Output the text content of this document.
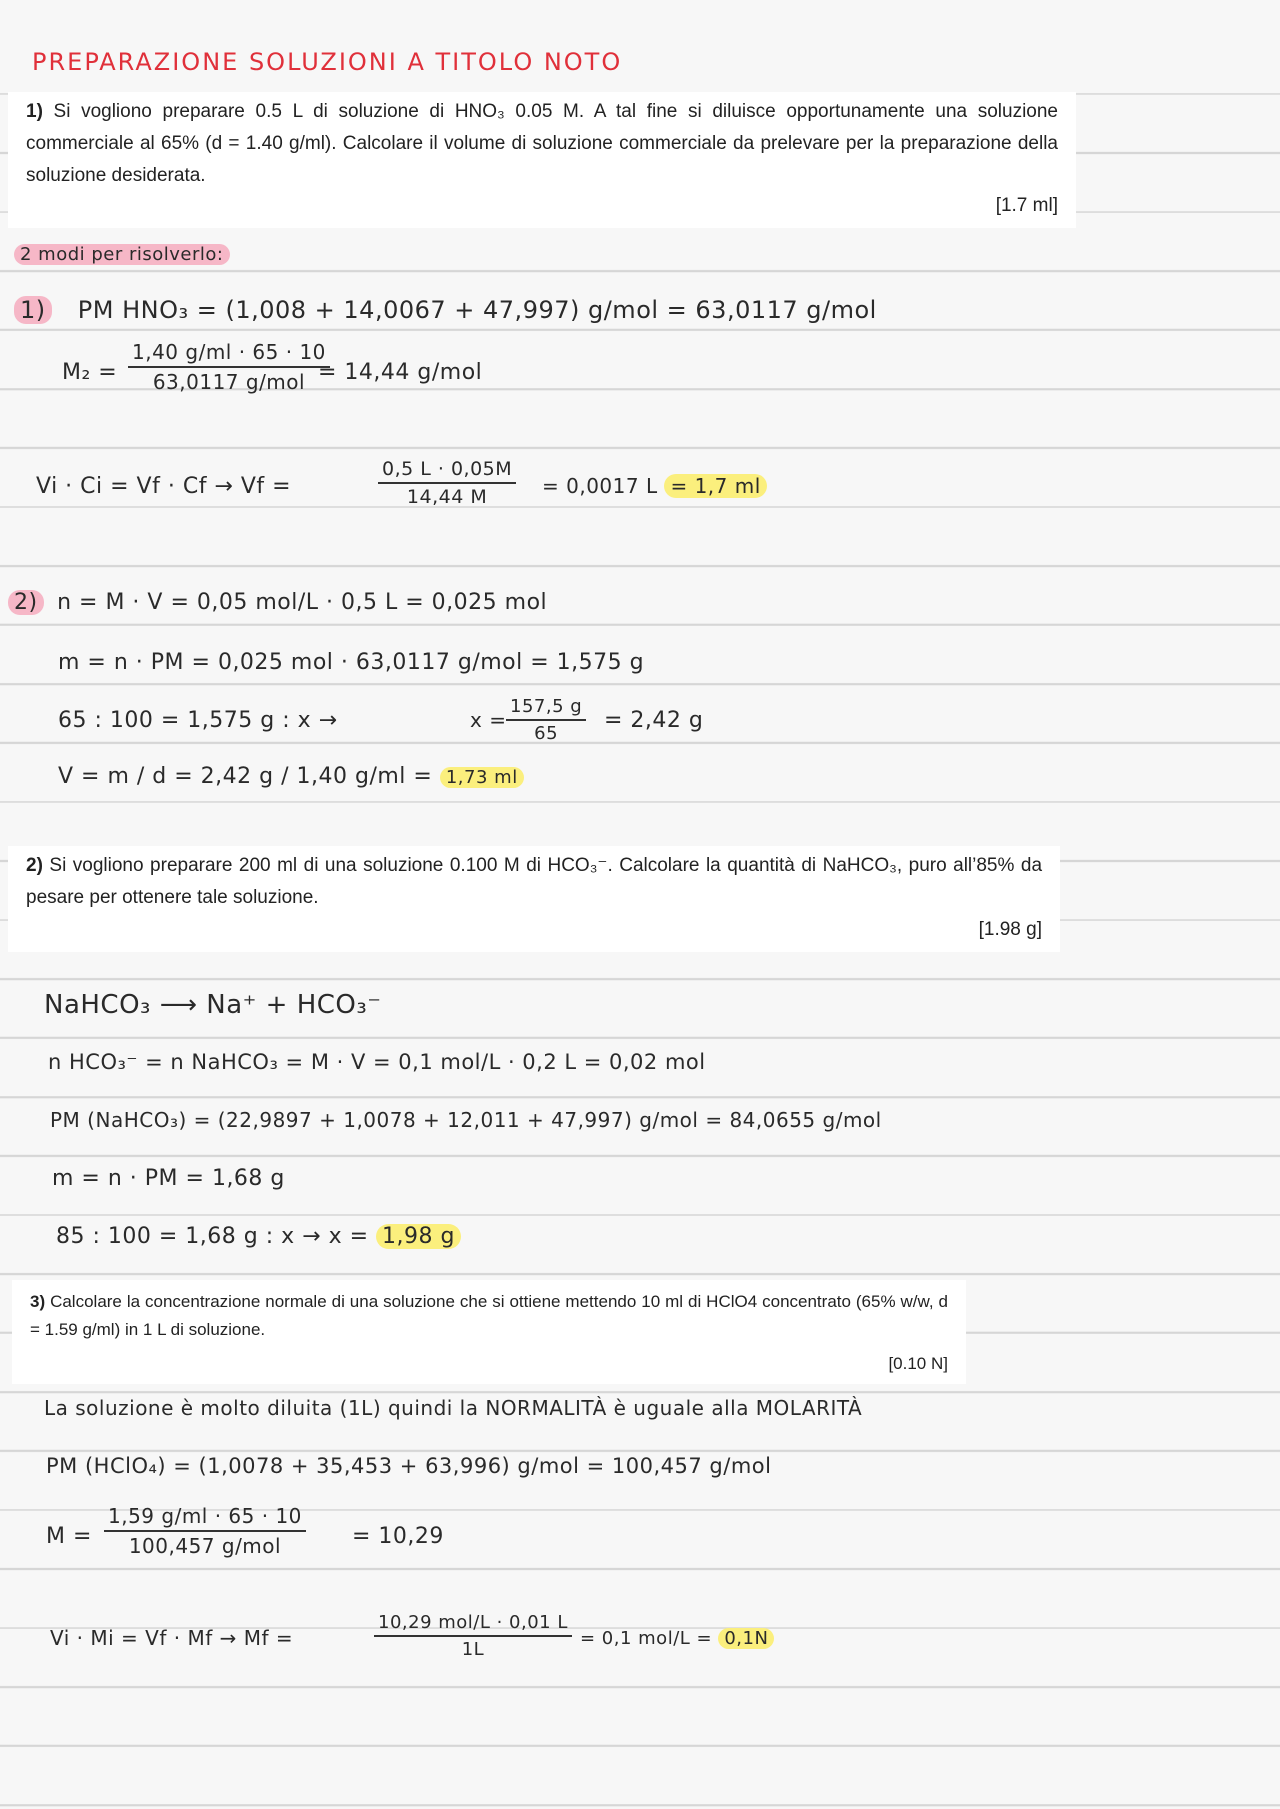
PREPARAZIONE SOLUZIONI A TITOLO NOTO
1) Si vogliono preparare 0.5 L di soluzione di HNO₃ 0.05 M. A tal fine si diluisce opportunamente una soluzione commerciale al 65% (d = 1.40 g/ml). Calcolare il volume di soluzione commerciale da prelevare per la preparazione della soluzione desiderata.
[1.7 ml]
2 modi per risolverlo:
1) PM HNO₃ = (1,008 + 14,0067 + 47,997) g/mol = 63,0117 g/mol
M₂ =
1,40 g/ml · 65 · 10
63,0117 g/mol = 14,44 g/mol
Vi · Ci = Vf · Cf → Vf =	$\frac{0,5 L \cdot 0,05M}{14,44 M} = 0,0017$ L = 1,7 ml
2) n = M · V = 0,05 mol/L · 0,5 L = 0,025 mol
m = n · PM = 0,025 mol · 63,0117 g/mol = 1,575 g
65 : 100 = 1,575 g : x →	$x = \frac{157,5 g}{65} = 2,42$ g
V = m / d = 2,42 g / 1,40 g/ml = 1,73 ml
2) Si vogliono preparare 200 ml di una soluzione 0.100 M di HCO₃⁻. Calcolare la quantità di NaHCO₃, puro all’85% da pesare per ottenere tale soluzione.
[1.98 g]
NaHCO₃ ⟶ Na⁺ + HCO₃⁻
n HCO₃⁻ = n NaHCO₃ = M · V = 0,1 mol/L · 0,2 L = 0,02 mol
PM (NaHCO₃) = (22,9897 + 1,0078 + 12,011 + 47,997) g/mol = 84,0655 g/mol
m = n · PM = 1,68 g
85 : 100 = 1,68 g : x → x = 1,98 g
3) Calcolare la concentrazione normale di una soluzione che si ottiene mettendo 10 ml di HClO4 concentrato (65% w/w, d = 1.59 g/ml) in 1 L di soluzione.
[0.10 N]
La soluzione è molto diluita (1L) quindi la NORMALITÀ è uguale alla MOLARITÀ
PM (HClO₄) = (1,0078 + 35,453 + 63,996) g/mol = 100,457 g/mol
M =
1,59 g/ml · 65 · 10
100,457 g/mol	= 10,29
Vi · Mi = Vf · Mf → Mf =
10,29 mol/L · 0,01 L
1L
= 0,1 mol/L = 0,1N
